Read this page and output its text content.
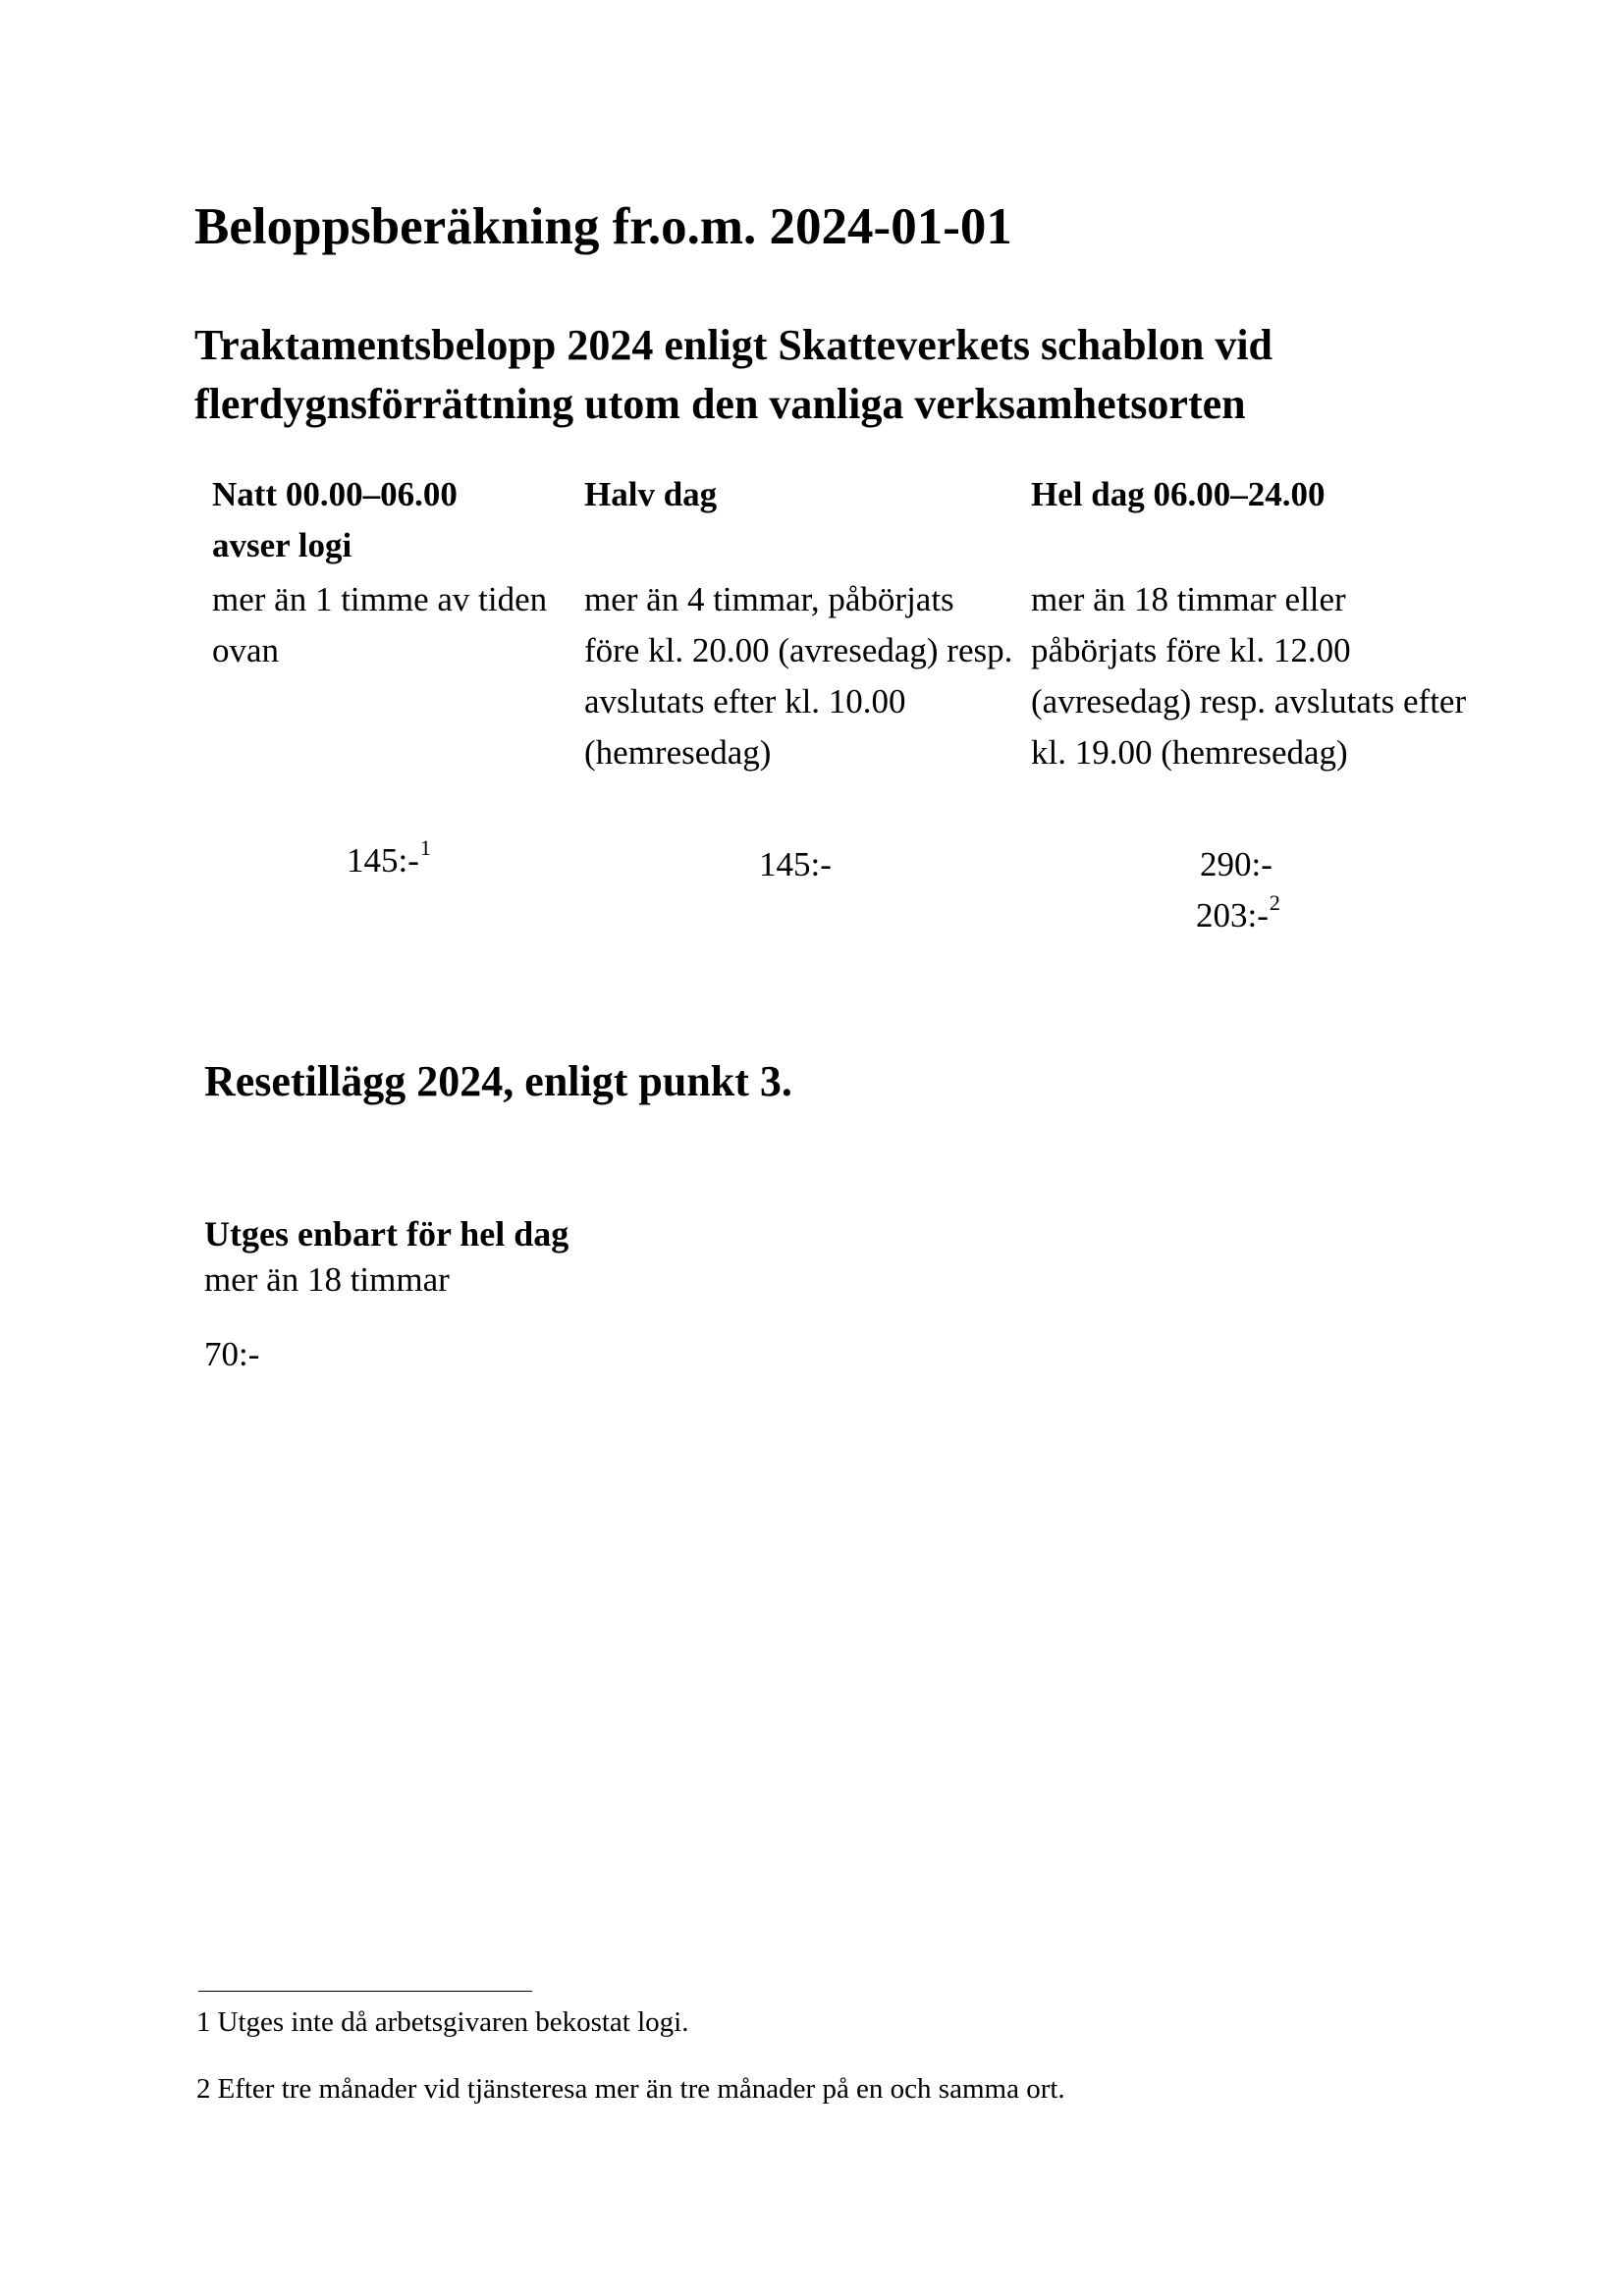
Beloppsberäkning fr.o.m. 2024-01-01
Traktamentsbelopp 2024 enligt Skatteverkets schablon vid flerdygnsförrättning utom den vanliga verksamhetsorten
Natt 00.00–06.00
avser logi
mer än 1 timme av tiden ovan
Halv dag
mer än 4 timmar, påbörjats före kl. 20.00 (avresedag) resp. avslutats efter kl. 10.00 (hemresedag)
Hel dag 06.00–24.00
mer än 18 timmar eller påbörjats före kl. 12.00 (avresedag) resp. avslutats efter kl. 19.00 (hemresedag)
145:-$^1$	145:-	290:-
203:-$^2$
Resetillägg 2024, enligt punkt 3.
Utges enbart för hel dag
mer än 18 timmar
70:-
1 Utges inte då arbetsgivaren bekostat logi.
2 Efter tre månader vid tjänsteresa mer än tre månader på en och samma ort.
